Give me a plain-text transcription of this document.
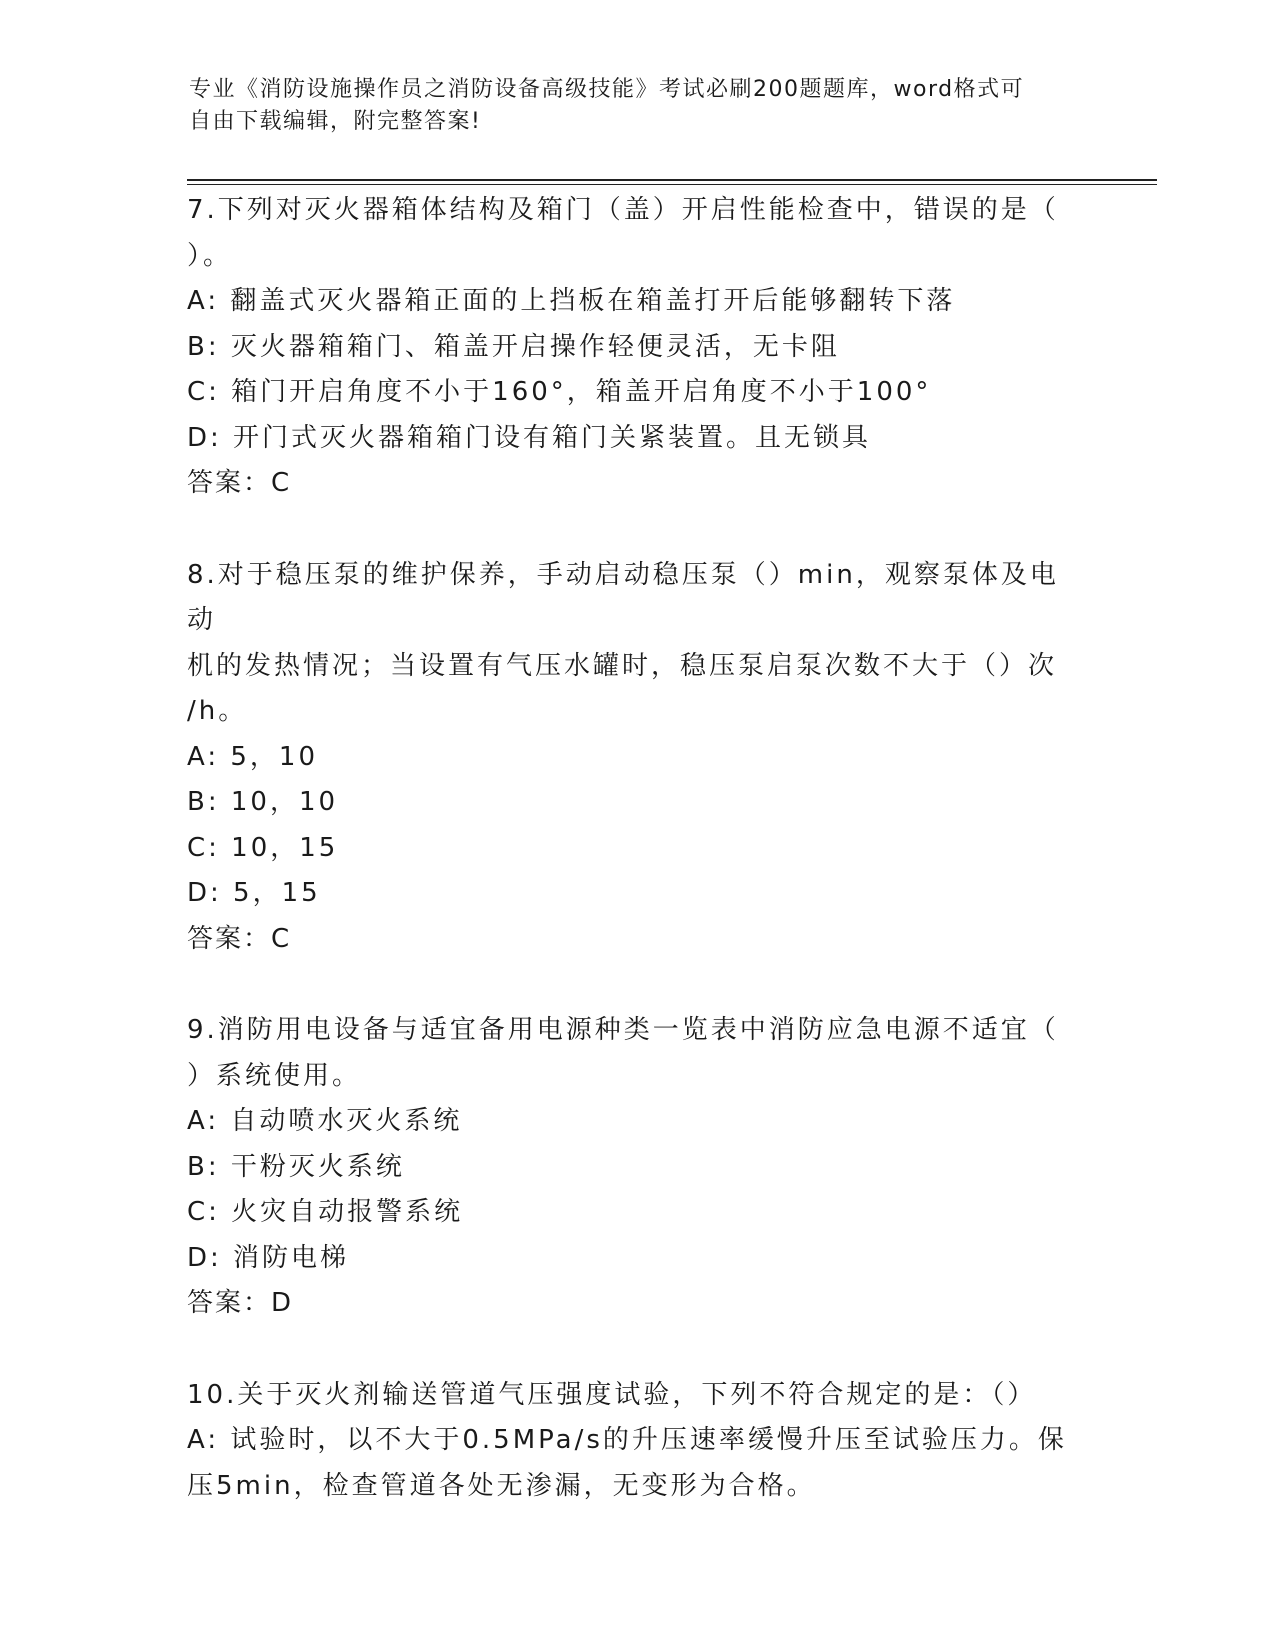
专业《消防设施操作员之消防设备高级技能》考试必刷200题题库，word格式可
自由下载编辑，附完整答案!

7.下列对灭火器箱体结构及箱门（盖）开启性能检查中，错误的是（

）。

A: 翻盖式灭火器箱正面的上挡板在箱盖打开后能够翻转下落

B: 灭火器箱箱门、箱盖开启操作轻便灵活，无卡阻

C: 箱门开启角度不小于160°，箱盖开启角度不小于100°

D: 开门式灭火器箱箱门设有箱门关紧装置。且无锁具

答案：C

8.对于稳压泵的维护保养，手动启动稳压泵（）min，观察泵体及电动

机的发热情况；当设置有气压水罐时，稳压泵启泵次数不大于（）次

/h。

A: 5，10

B: 10，10

C: 10，15

D: 5，15

答案：C

9.消防用电设备与适宜备用电源种类一览表中消防应急电源不适宜（

）系统使用。

A: 自动喷水灭火系统

B: 干粉灭火系统

C: 火灾自动报警系统

D: 消防电梯

答案：D

10.关于灭火剂输送管道气压强度试验，下列不符合规定的是：（）

A: 试验时，以不大于0.5MPa/s的升压速率缓慢升压至试验压力。保

压5min，检查管道各处无渗漏，无变形为合格。
